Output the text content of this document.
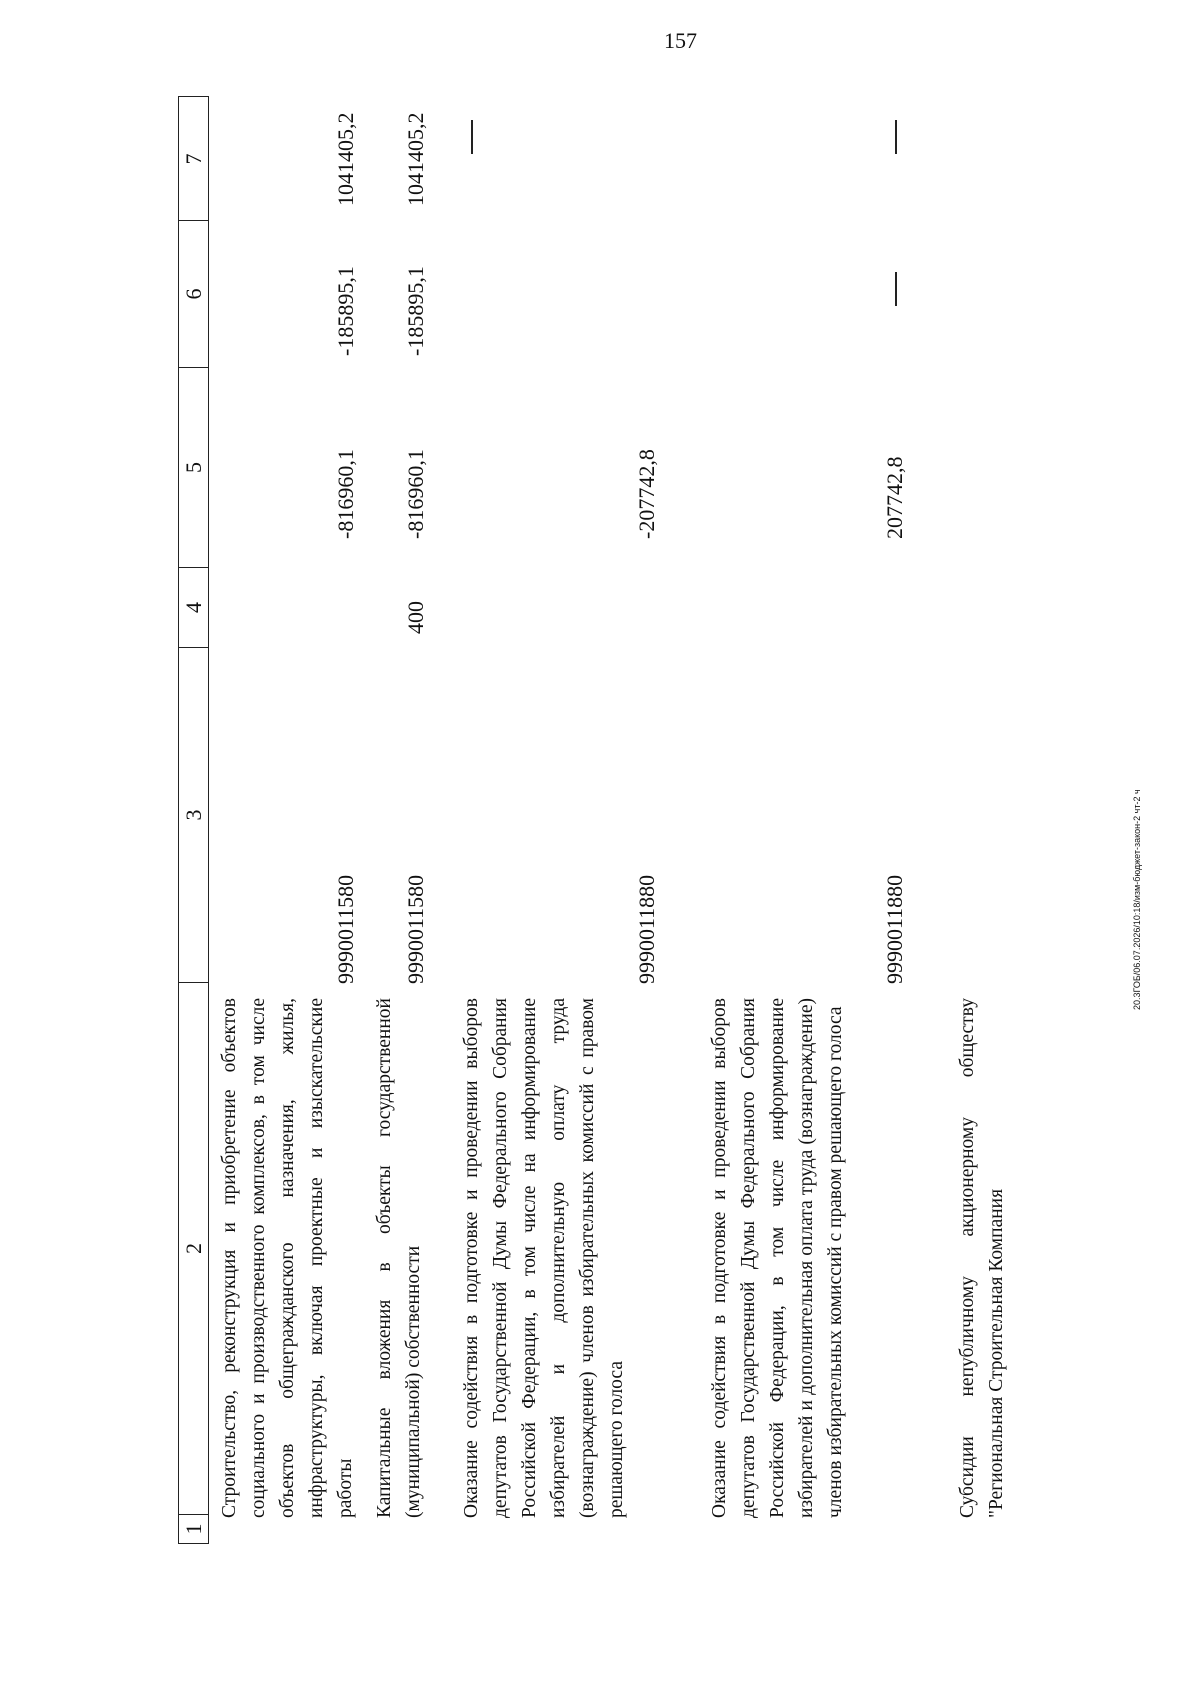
157
20.3ГОБ/06.07.2026/10:18/изм-бюджет-закон-2 чт-2 ч
1
2
3
4
5
6
7
Строительство, реконструкция и приобретение объектов социального и производственного комплексов, в том числе объектов общегражданского назначения, жилья, инфраструктуры, включая проектные и изыскательские работы
9990011580
-816960,1
-185895,1
1041405,2
Капитальные вложения в объекты государственной (муниципальной) собственности
9990011580
400
-816960,1
-185895,1
1041405,2
Оказание содействия в подготовке и проведении выборов депутатов Государственной Думы Федерального Собрания Российской Федерации, в том числе на информирование избирателей и дополнительную оплату труда (вознаграждение) членов избирательных комиссий с правом решающего голоса
9990011880
-207742,8
Оказание содействия в подготовке и проведении выборов депутатов Государственной Думы Федерального Собрания Российской Федерации, в том числе информирование избирателей и дополнительная оплата труда (вознаграждение) членов избирательных комиссий с правом решающего голоса
9990011880
207742,8
Субсидии непубличному акционерному обществу "Региональная Строительная Компания
